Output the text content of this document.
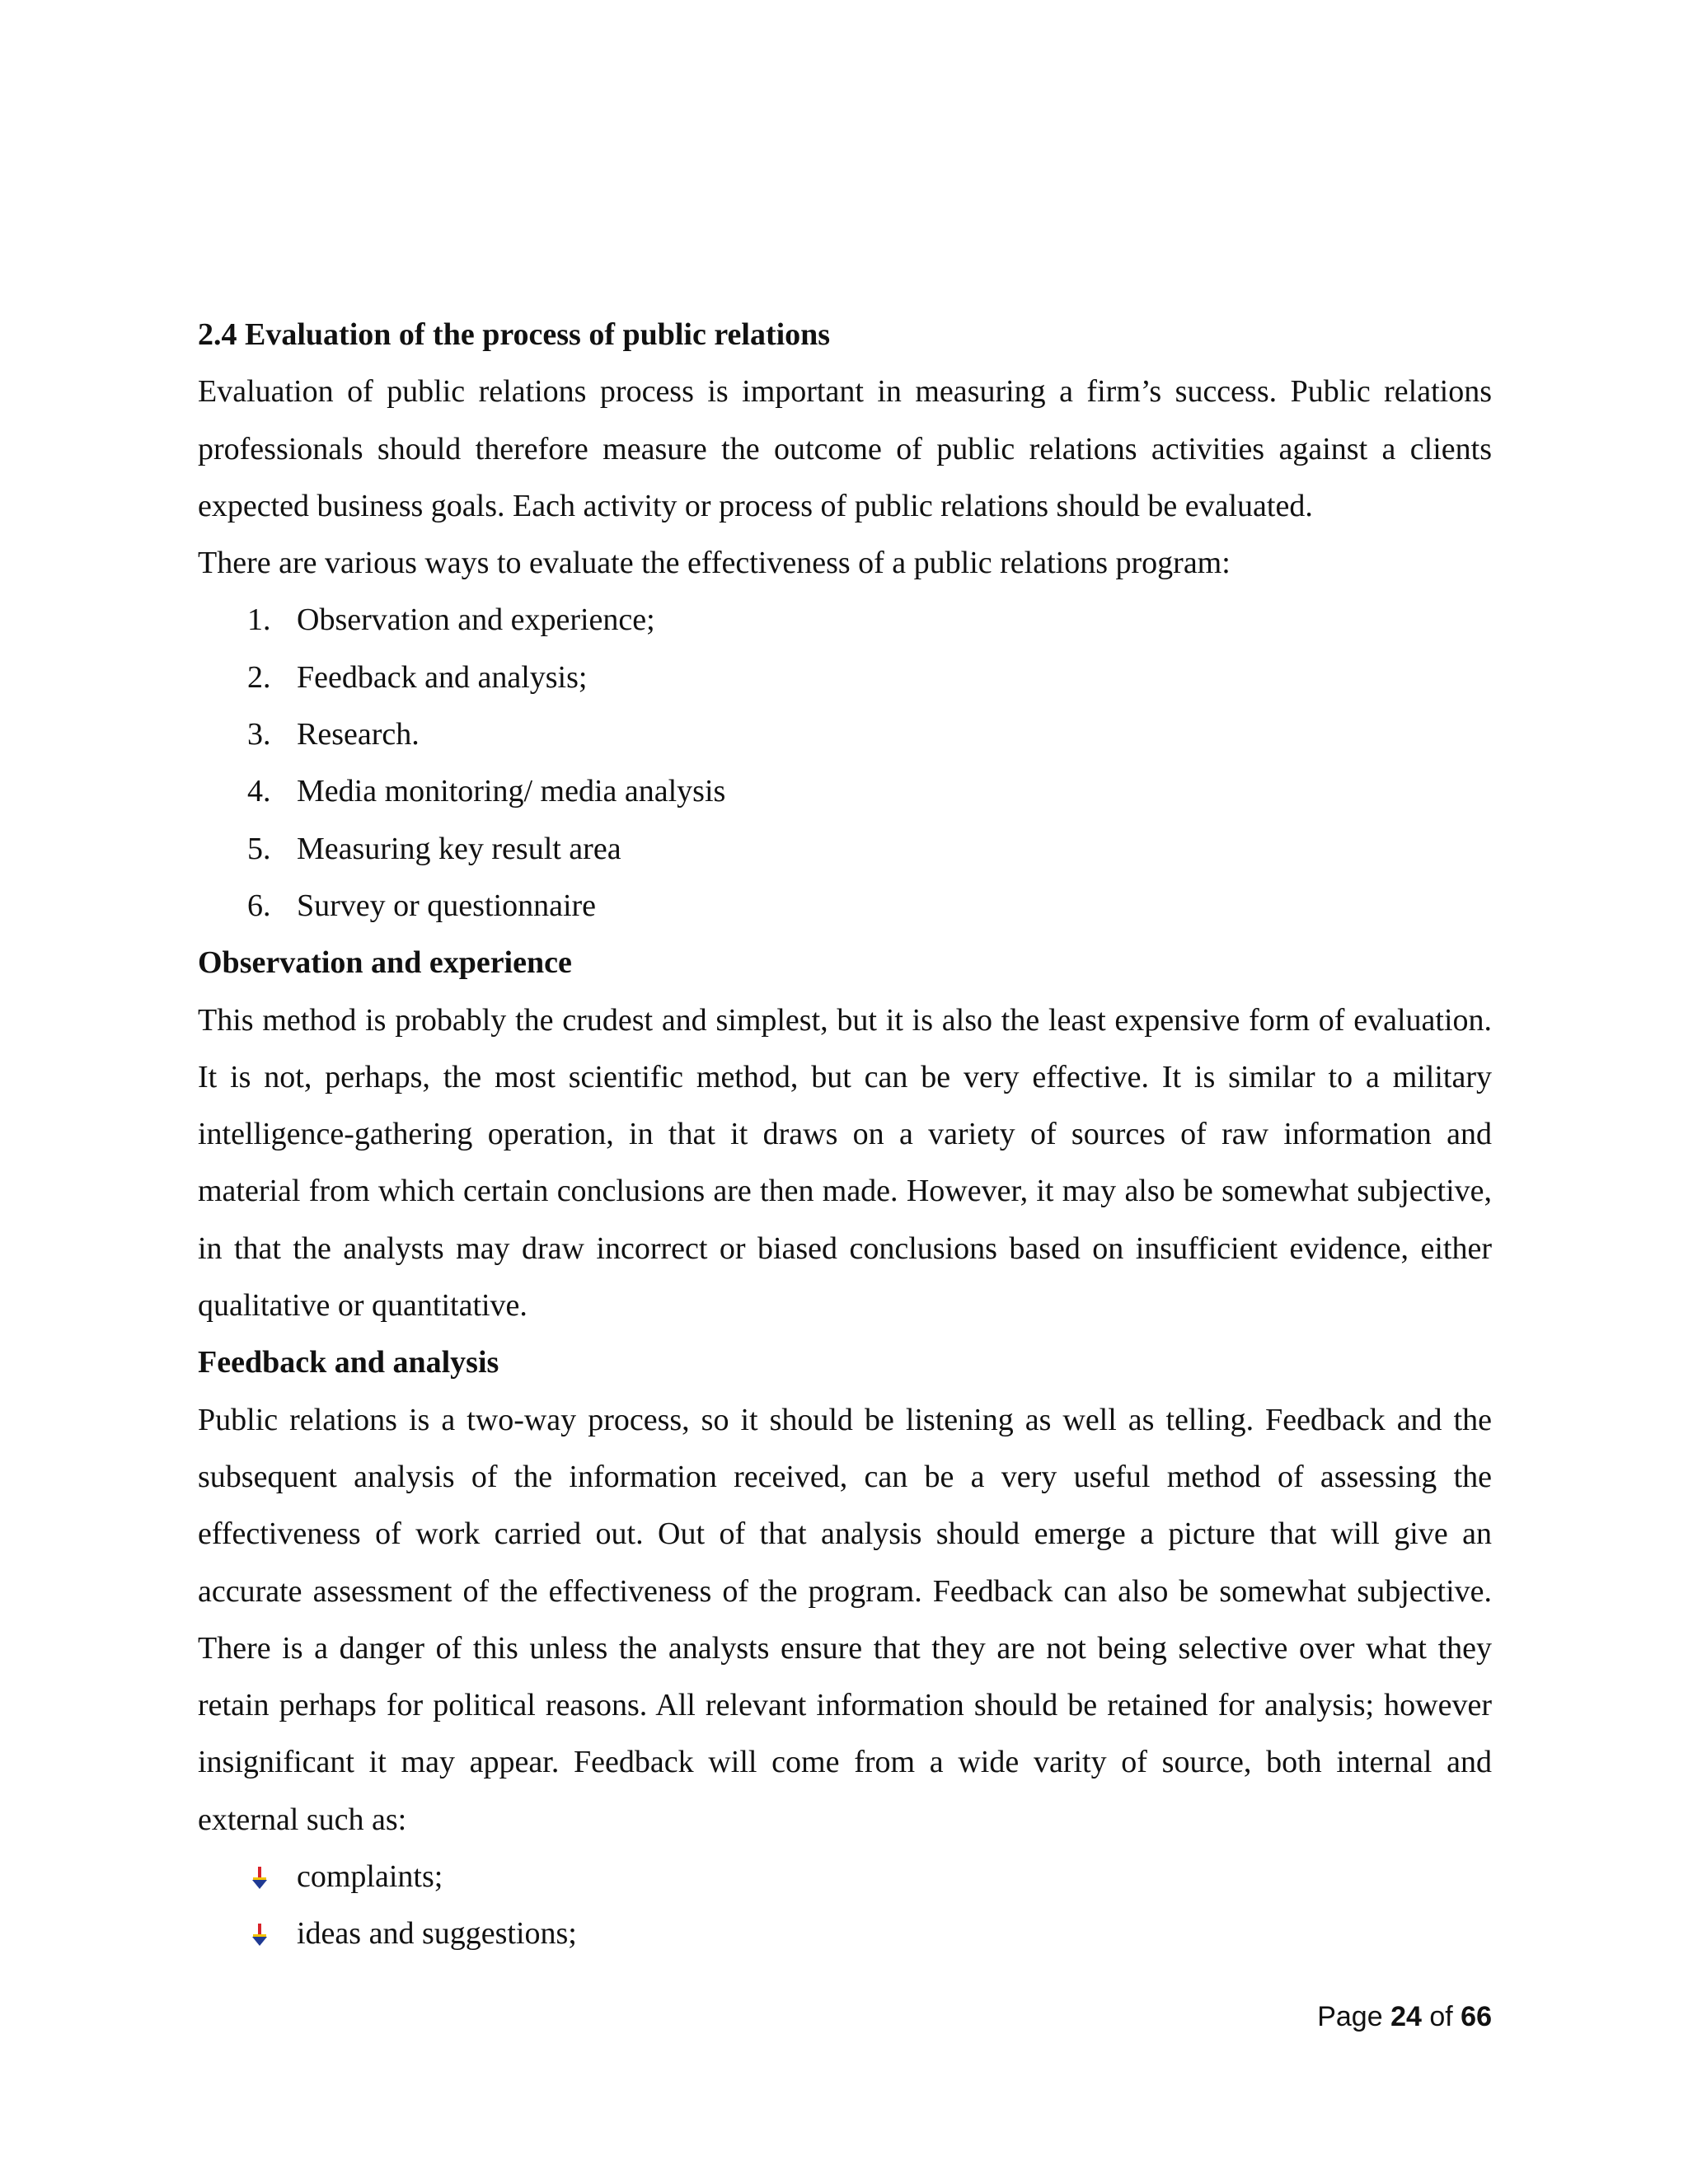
2.4 Evaluation of the process of public relations

Evaluation of public relations process is important in measuring a firm’s success. Public relations professionals should therefore measure the outcome of public relations activities against a clients expected business goals. Each activity or process of public relations should be evaluated.

There are various ways to evaluate the effectiveness of a public relations program:

1. Observation and experience;
2. Feedback and analysis;
3. Research.
4. Media monitoring/ media analysis
5. Measuring key result area
6. Survey or questionnaire

Observation and experience

This method is probably the crudest and simplest, but it is also the least expensive form of evaluation. It is not, perhaps, the most scientific method, but can be very effective. It is similar to a military intelligence-gathering operation, in that it draws on a variety of sources of raw information and material from which certain conclusions are then made. However, it may also be somewhat subjective, in that the analysts may draw incorrect or biased conclusions based on insufficient evidence, either qualitative or quantitative.

Feedback and analysis

Public relations is a two-way process, so it should be listening as well as telling. Feedback and the subsequent analysis of the information received, can be a very useful method of assessing the effectiveness of work carried out. Out of that analysis should emerge a picture that will give an accurate assessment of the effectiveness of the program. Feedback can also be somewhat subjective. There is a danger of this unless the analysts ensure that they are not being selective over what they retain perhaps for political reasons. All relevant information should be retained for analysis; however insignificant it may appear. Feedback will come from a wide varity of source, both internal and external such as:

complaints;
ideas and suggestions;
Page 24 of 66
